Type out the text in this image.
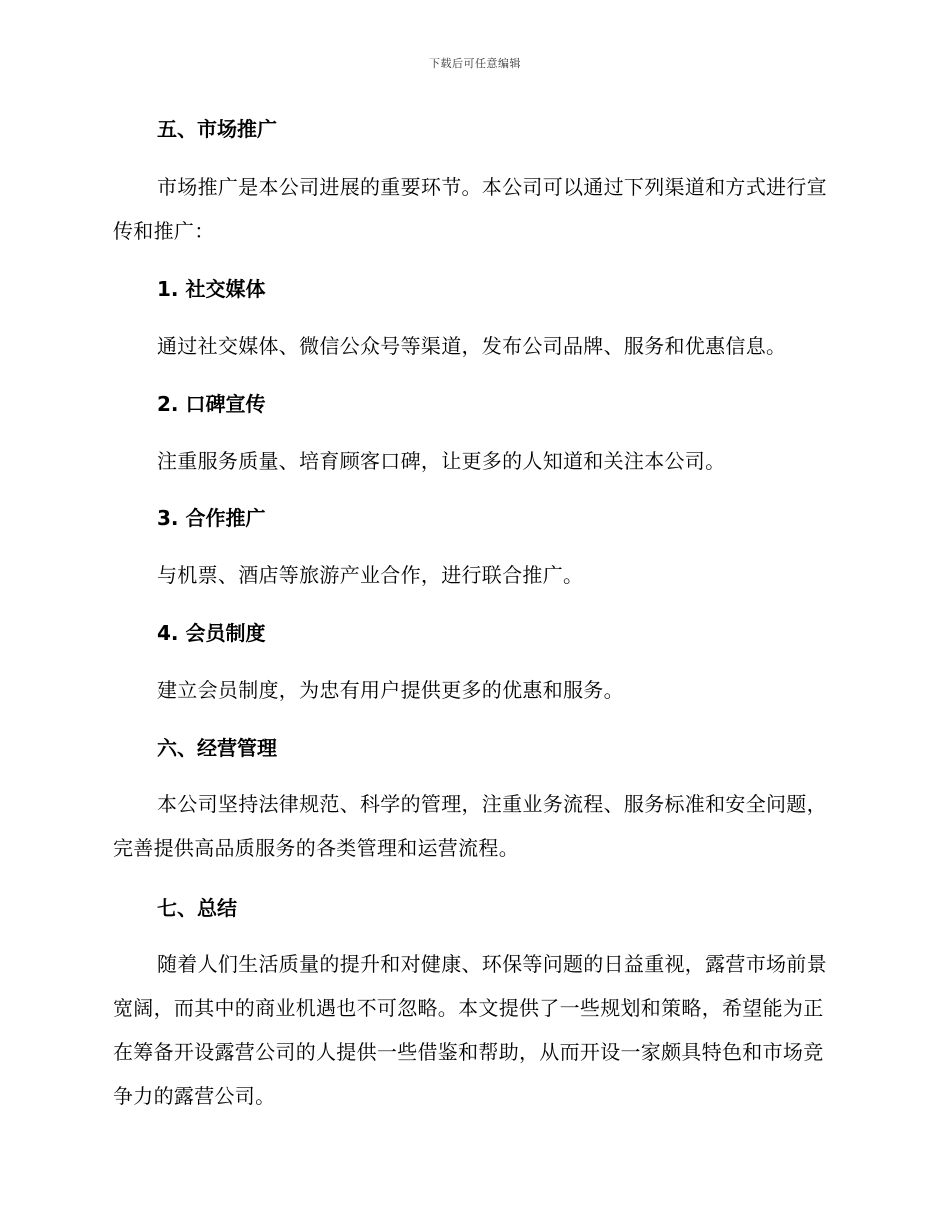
下载后可任意编辑
五、市场推广

市场推广是本公司进展的重要环节。本公司可以通过下列渠道和方式进行宣传和推广：

1. 社交媒体

通过社交媒体、微信公众号等渠道，发布公司品牌、服务和优惠信息。

2. 口碑宣传

注重服务质量、培育顾客口碑，让更多的人知道和关注本公司。

3. 合作推广

与机票、酒店等旅游产业合作，进行联合推广。

4. 会员制度

建立会员制度，为忠有用户提供更多的优惠和服务。

六、经营管理

本公司坚持法律规范、科学的管理，注重业务流程、服务标准和安全问题，完善提供高品质服务的各类管理和运营流程。

七、总结

随着人们生活质量的提升和对健康、环保等问题的日益重视，露营市场前景宽阔，而其中的商业机遇也不可忽略。本文提供了一些规划和策略，希望能为正在筹备开设露营公司的人提供一些借鉴和帮助，从而开设一家颇具特色和市场竞争力的露营公司。
